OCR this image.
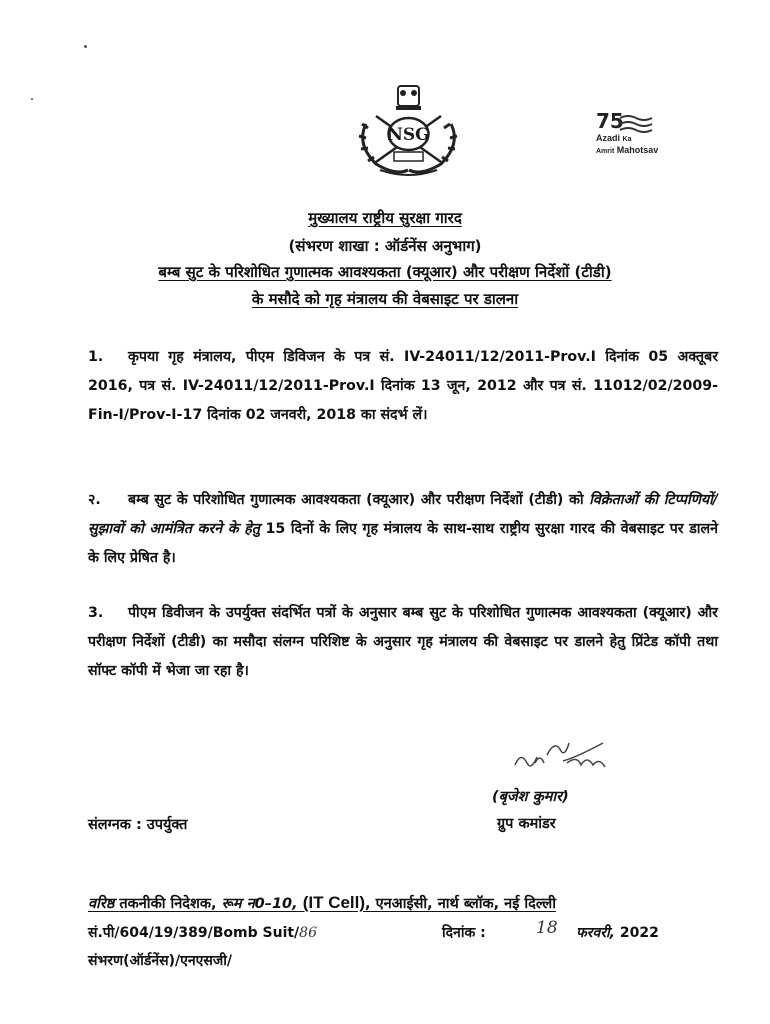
NSG
75
Azadi Ka
Amrit Mahotsav
मुख्यालय राष्ट्रीय सुरक्षा गारद
(संभरण शाखा : ऑर्डनेंस अनुभाग)
बम्ब सुट के परिशोधित गुणात्मक आवश्यकता (क्यूआर) और परीक्षण निर्देशों (टीडी)
के मसौदे को गृह मंत्रालय की वेबसाइट पर डालना
1. कृपया गृह मंत्रालय, पीएम डिविजन के पत्र सं. IV-24011/12/2011-Prov.I दिनांक 05 अक्तूबर 2016, पत्र सं. IV-24011/12/2011-Prov.I दिनांक 13 जून, 2012 और पत्र सं. 11012/02/2009-Fin-I/Prov-I-17 दिनांक 02 जनवरी, 2018 का संदर्भ लें।
२. बम्ब सुट के परिशोधित गुणात्मक आवश्यकता (क्यूआर) और परीक्षण निर्देशों (टीडी) को विक्रेताओं की टिप्पणियों/सुझावों को आमंत्रित करने के हेतु 15 दिनों के लिए गृह मंत्रालय के साथ-साथ राष्ट्रीय सुरक्षा गारद की वेबसाइट पर डालने के लिए प्रेषित है।
3. पीएम डिवीजन के उपर्युक्त संदर्भित पत्रों के अनुसार बम्ब सुट के परिशोधित गुणात्मक आवश्यकता (क्यूआर) और परीक्षण निर्देशों (टीडी) का मसौदा संलग्न परिशिष्ट के अनुसार गृह मंत्रालय की वेबसाइट पर डालने हेतु प्रिंटेड कॉपी तथा सॉफ्ट कॉपी में भेजा जा रहा है।
ह० 14/2/22
(बृजेश कुमार)
ग्रुप कमांडर
संलग्नक : उपर्युक्त
वरिष्ठ तकनीकी निदेशक, रूम न0–10, (IT Cell), एनआईसी, नार्थ ब्लॉक, नई दिल्ली
सं.पी/604/19/389/Bomb Suit/86	दिनांक :	18 फरवरी, 2022
संभरण(ऑर्डनेंस)/एनएसजी/
